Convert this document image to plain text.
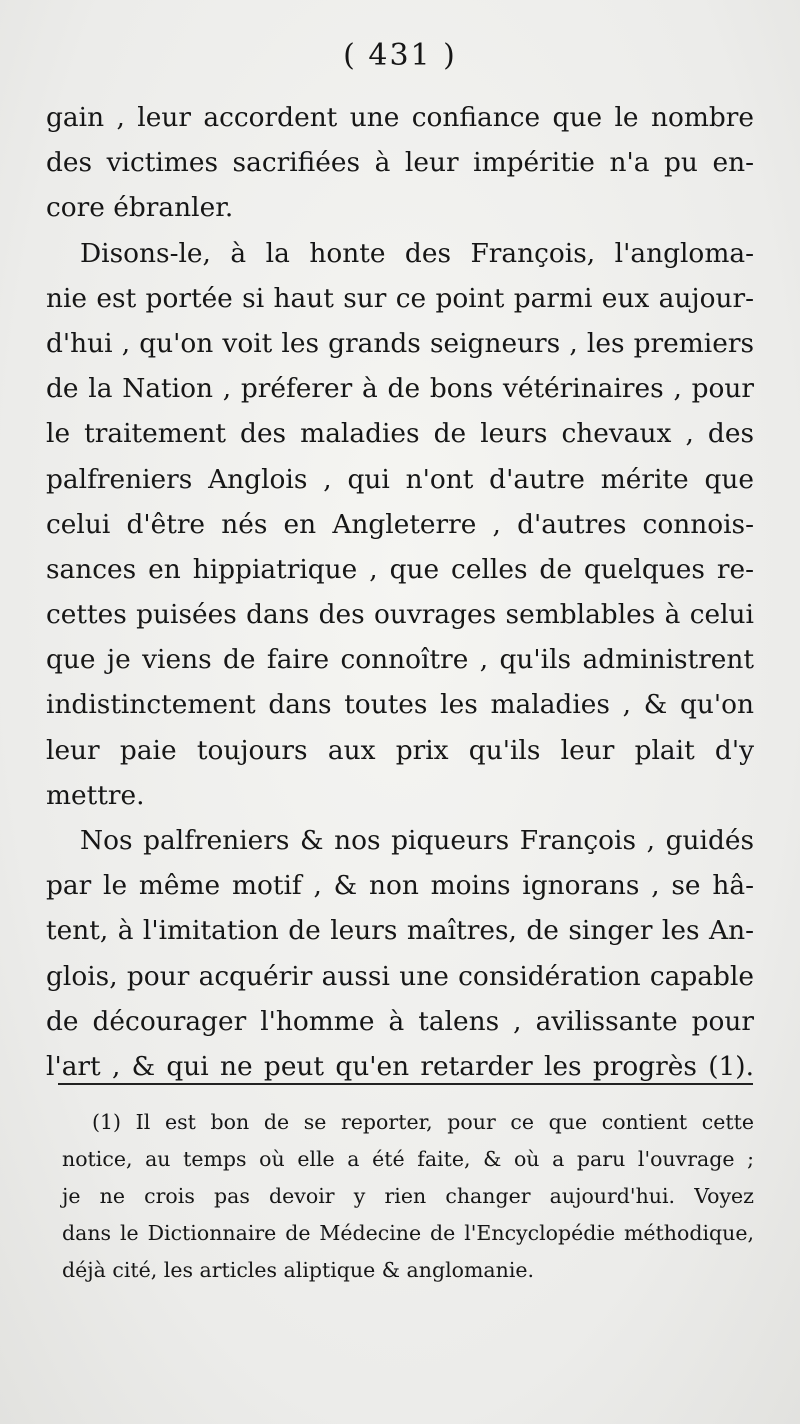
( 431 )
gain , leur accordent une confiance que le nombre
des victimes sacrifiées à leur impéritie n'a pu en-
core ébranler.
Disons-le, à la honte des François, l'angloma-
nie est portée si haut sur ce point parmi eux aujour-
d'hui , qu'on voit les grands seigneurs , les premiers
de la Nation , préferer à de bons vétérinaires , pour
le traitement des maladies de leurs chevaux , des
palfreniers Anglois , qui n'ont d'autre mérite que
celui d'être nés en Angleterre , d'autres connois-
sances en hippiatrique , que celles de quelques re-
cettes puisées dans des ouvrages semblables à celui
que je viens de faire connoître , qu'ils administrent
indistinctement dans toutes les maladies , & qu'on
leur paie toujours aux prix qu'ils leur plait d'y
mettre.
Nos palfreniers & nos piqueurs François , guidés
par le même motif , & non moins ignorans , se hâ-
tent, à l'imitation de leurs maîtres, de singer les An-
glois, pour acquérir aussi une considération capable
de décourager l'homme à talens , avilissante pour
l'art , & qui ne peut qu'en retarder les progrès (1).
(1) Il est bon de se reporter, pour ce que contient cette
notice, au temps où elle a été faite, & où a paru l'ouvrage ;
je ne crois pas devoir y rien changer aujourd'hui. Voyez
dans le Dictionnaire de Médecine de l'Encyclopédie méthodique,
déjà cité, les articles aliptique & anglomanie.
